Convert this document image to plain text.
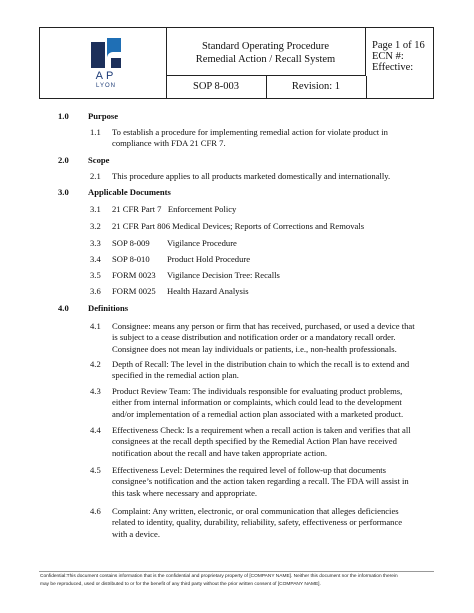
AP
LYON
Standard Operating Procedure
Remedial Action / Recall System
SOP 8-003	Revision: 1
Page 1 of 16
ECN #:
Effective:
1.0 Purpose
1.1 To establish a procedure for implementing remedial action for violate product in
compliance with FDA 21 CFR 7.
2.0 Scope
2.1 This procedure applies to all products marketed domestically and internationally.
3.0 Applicable Documents
3.1 21 CFR Part 7   Enforcement Policy
3.2 21 CFR Part 806 Medical Devices; Reports of Corrections and Removals
3.3 SOP 8-009 Vigilance Procedure
3.4 SOP 8-010 Product Hold Procedure
3.5 FORM 0023 Vigilance Decision Tree: Recalls
3.6 FORM 0025 Health Hazard Analysis
4.0 Definitions
4.1 Consignee: means any person or firm that has received, purchased, or used a device that
is subject to a cease distribution and notification order or a mandatory recall order.
Consignee does not mean lay individuals or patients, i.e., non-health professionals.
4.2 Depth of Recall: The level in the distribution chain to which the recall is to extend and
specified in the remedial action plan.
4.3 Product Review Team: The individuals responsible for evaluating product problems,
either from internal information or complaints, which could lead to the development
and/or implementation of a remedial action plan associated with a marketed product.
4.4 Effectiveness Check: Is a requirement when a recall action is taken and verifies that all
consignees at the recall depth specified by the Remedial Action Plan have received
notification about the recall and have taken appropriate action.
4.5 Effectiveness Level: Determines the required level of follow-up that documents
consignee’s notification and the action taken regarding a recall. The FDA will assist in
this task where necessary and appropriate.
4.6 Complaint: Any written, electronic, or oral communication that alleges deficiencies
related to identity, quality, durability, reliability, safety, effectiveness or performance
with a device.
Confidential:This document contains information that is the confidential and proprietary property of [COMPANY NAME]. Neither this document nor the information therein
may be reproduced, used or distributed to or for the benefit of any third party without the prior written consent of [COMPANY NAME].
